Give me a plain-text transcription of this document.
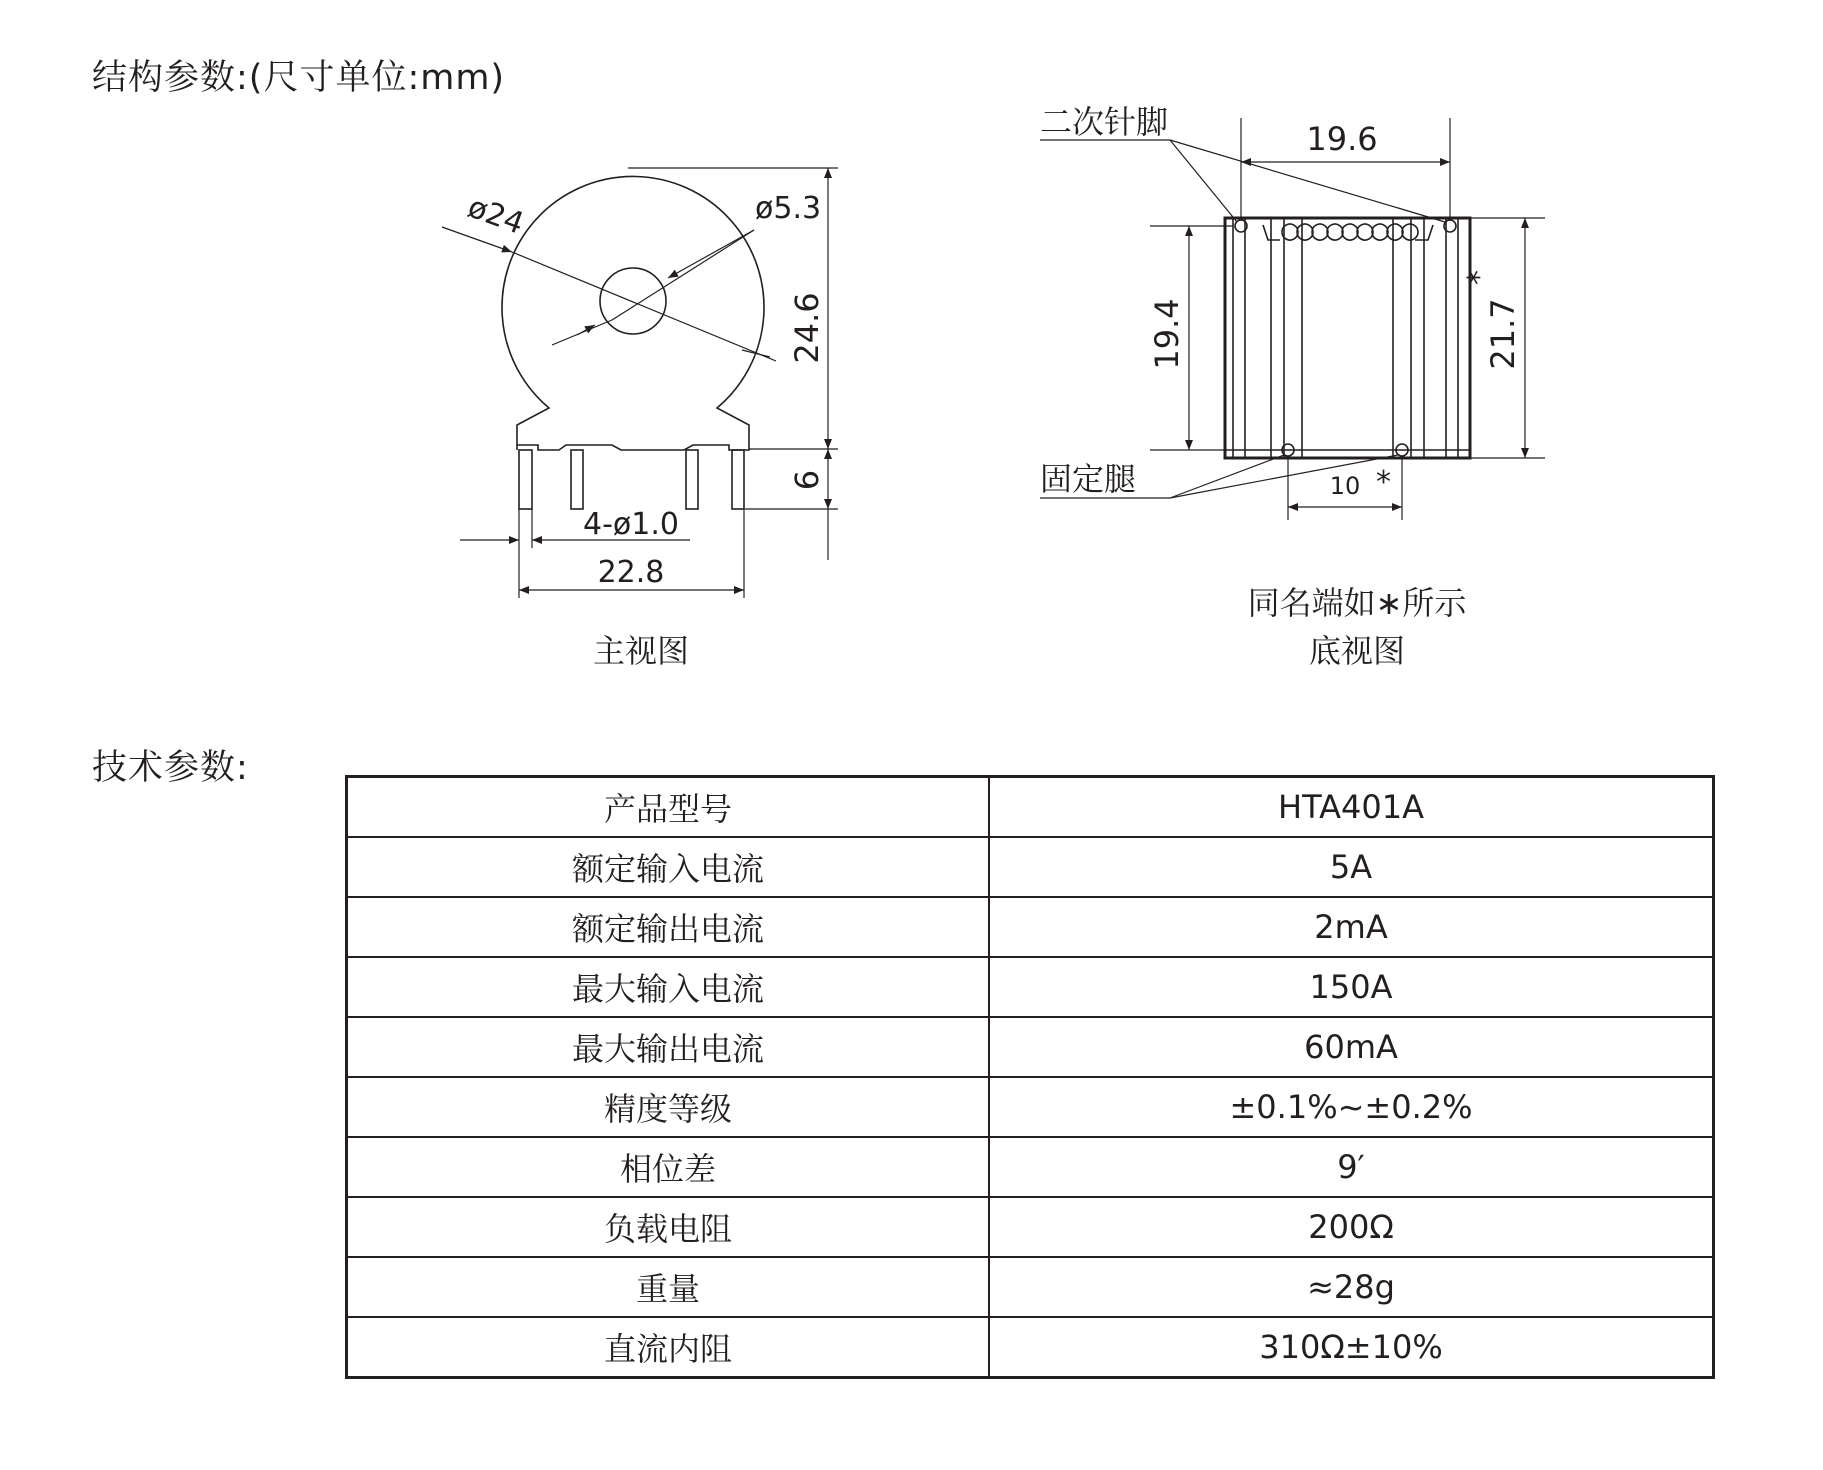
结构参数:(尺寸单位:mm)
ø24	ø5.3
24.6
6
4-ø1.0
22.8
19.6
二次针脚
19.4	21.7
固定腿	10 *
*
主视图
同名端如∗所示
底视图
技术参数:
产品型号	HTA401A
额定输入电流	5A
额定输出电流	2mA
最大输入电流	150A
最大输出电流	60mA
精度等级	±0.1%~±0.2%
相位差	9′
负载电阻	200Ω
重量	≈28g
直流内阻	310Ω±10%
